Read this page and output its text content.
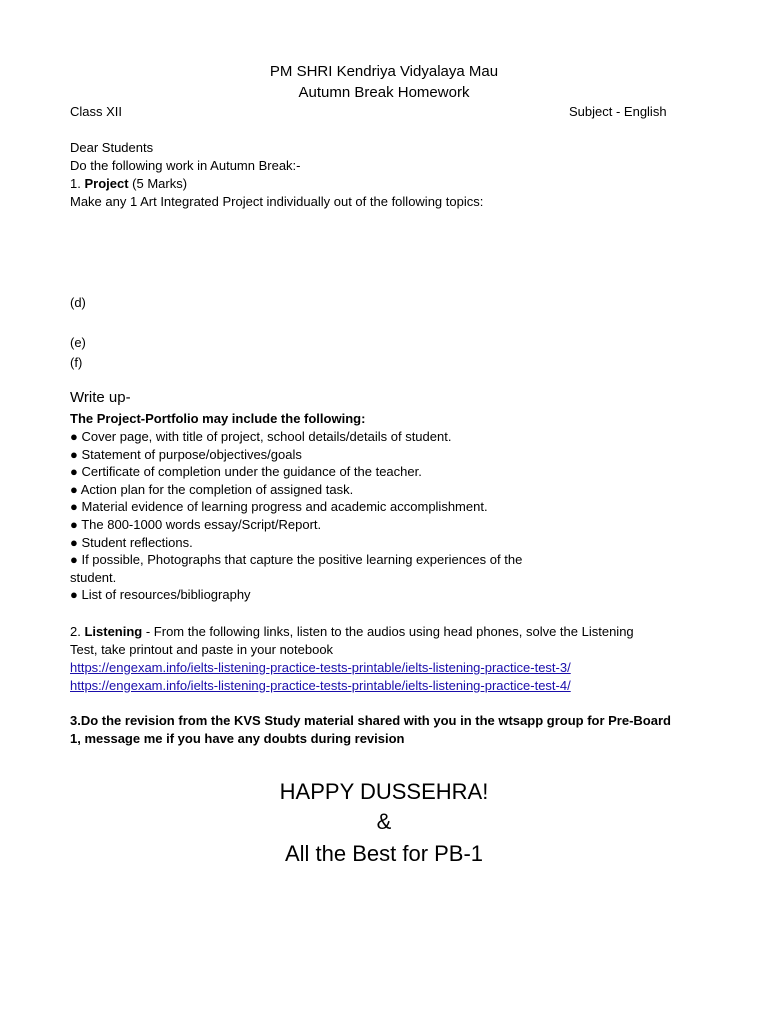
PM SHRI Kendriya Vidyalaya Mau
Autumn Break Homework
Class XII	Subject - English
Dear Students
Do the following work in Autumn Break:-
1. Project (5 Marks)
Make any 1 Art Integrated Project individually out of the following topics:
(d)
(e)
(f)
Write up-
The Project-Portfolio may include the following:
● Cover page, with title of project, school details/details of student.
● Statement of purpose/objectives/goals
● Certificate of completion under the guidance of the teacher.
● Action plan for the completion of assigned task.
● Material evidence of learning progress and academic accomplishment.
● The 800-1000 words essay/Script/Report.
● Student reflections.
● If possible, Photographs that capture the positive learning experiences of the
student.
● List of resources/bibliography
2. Listening - From the following links, listen to the audios using head phones, solve the Listening
Test, take printout and paste in your notebook
https://engexam.info/ielts-listening-practice-tests-printable/ielts-listening-practice-test-3/
https://engexam.info/ielts-listening-practice-tests-printable/ielts-listening-practice-test-4/
3.Do the revision from the KVS Study material shared with you in the wtsapp group for Pre-Board
1, message me if you have any doubts during revision
HAPPY DUSSEHRA!
&
All the Best for PB-1
